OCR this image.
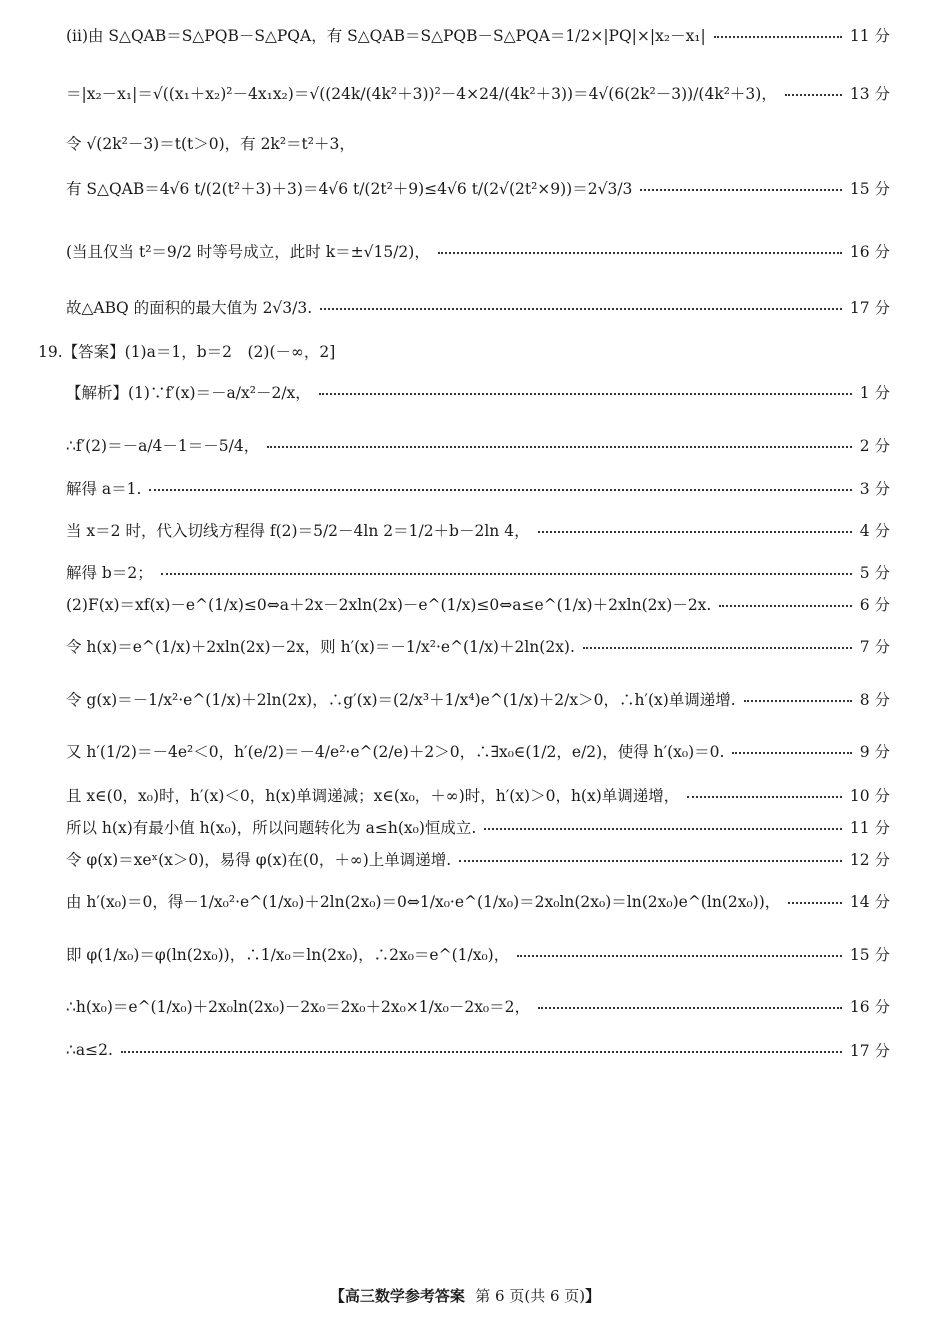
(ii)由 S△QAB＝S△PQB－S△PQA，有 S△QAB＝S△PQB－S△PQA＝1/2×|PQ|×|x₂－x₁|	11 分
＝|x₂－x₁|＝√((x₁＋x₂)²－4x₁x₂)＝√((24k/(4k²＋3))²－4×24/(4k²＋3))＝4√(6(2k²－3))/(4k²＋3)，	13 分
令 √(2k²－3)＝t(t＞0)，有 2k²＝t²＋3，
有 S△QAB＝4√6 t/(2(t²＋3)＋3)＝4√6 t/(2t²＋9)≤4√6 t/(2√(2t²×9))＝2√3/3	15 分
(当且仅当 t²＝9/2 时等号成立，此时 k＝±√15/2)，	16 分
故△ABQ 的面积的最大值为 2√3/3.	17 分
19.【答案】(1)a＝1，b＝2　(2)(－∞，2]
【解析】(1)∵f′(x)＝－a/x²－2/x，	1 分
∴f′(2)＝－a/4－1＝－5/4，	2 分
解得 a＝1.	3 分
当 x＝2 时，代入切线方程得 f(2)＝5/2－4ln 2＝1/2＋b－2ln 4，	4 分
解得 b＝2；	5 分
(2)F(x)＝xf(x)－e^(1/x)≤0⇔a＋2x－2xln(2x)－e^(1/x)≤0⇔a≤e^(1/x)＋2xln(2x)－2x.	6 分
令 h(x)＝e^(1/x)＋2xln(2x)－2x，则 h′(x)＝－1/x²·e^(1/x)＋2ln(2x).	7 分
令 g(x)＝－1/x²·e^(1/x)＋2ln(2x)，∴g′(x)＝(2/x³＋1/x⁴)e^(1/x)＋2/x＞0，∴h′(x)单调递增.	8 分
又 h′(1/2)＝－4e²＜0，h′(e/2)＝－4/e²·e^(2/e)＋2＞0，∴∃x₀∈(1/2，e/2)，使得 h′(x₀)＝0.	9 分
且 x∈(0，x₀)时，h′(x)＜0，h(x)单调递减；x∈(x₀，＋∞)时，h′(x)＞0，h(x)单调递增，	10 分
所以 h(x)有最小值 h(x₀)，所以问题转化为 a≤h(x₀)恒成立.	11 分
令 φ(x)＝xeˣ(x＞0)，易得 φ(x)在(0，＋∞)上单调递增.	12 分
由 h′(x₀)＝0，得－1/x₀²·e^(1/x₀)＋2ln(2x₀)＝0⇔1/x₀·e^(1/x₀)＝2x₀ln(2x₀)＝ln(2x₀)e^(ln(2x₀))，	14 分
即 φ(1/x₀)＝φ(ln(2x₀))，∴1/x₀＝ln(2x₀)，∴2x₀＝e^(1/x₀)，	15 分
∴h(x₀)＝e^(1/x₀)＋2x₀ln(2x₀)－2x₀＝2x₀＋2x₀×1/x₀－2x₀＝2，	16 分
∴a≤2.	17 分
【高三数学参考答案 第 6 页(共 6 页)】
